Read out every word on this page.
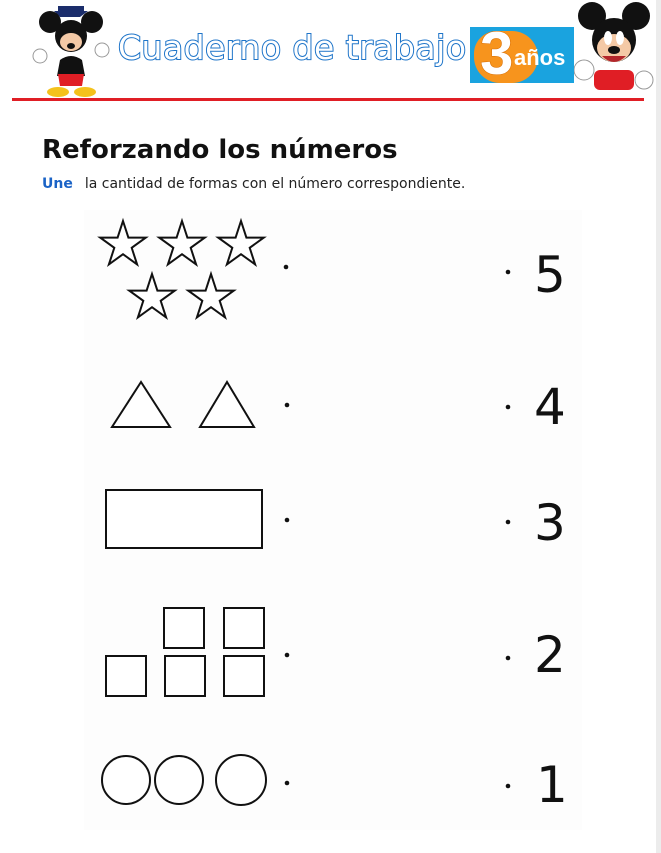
Cuaderno de trabajo 3 años
Reforzando los números
Une la cantidad de formas con el número correspondiente.
5
4
3
2
1
